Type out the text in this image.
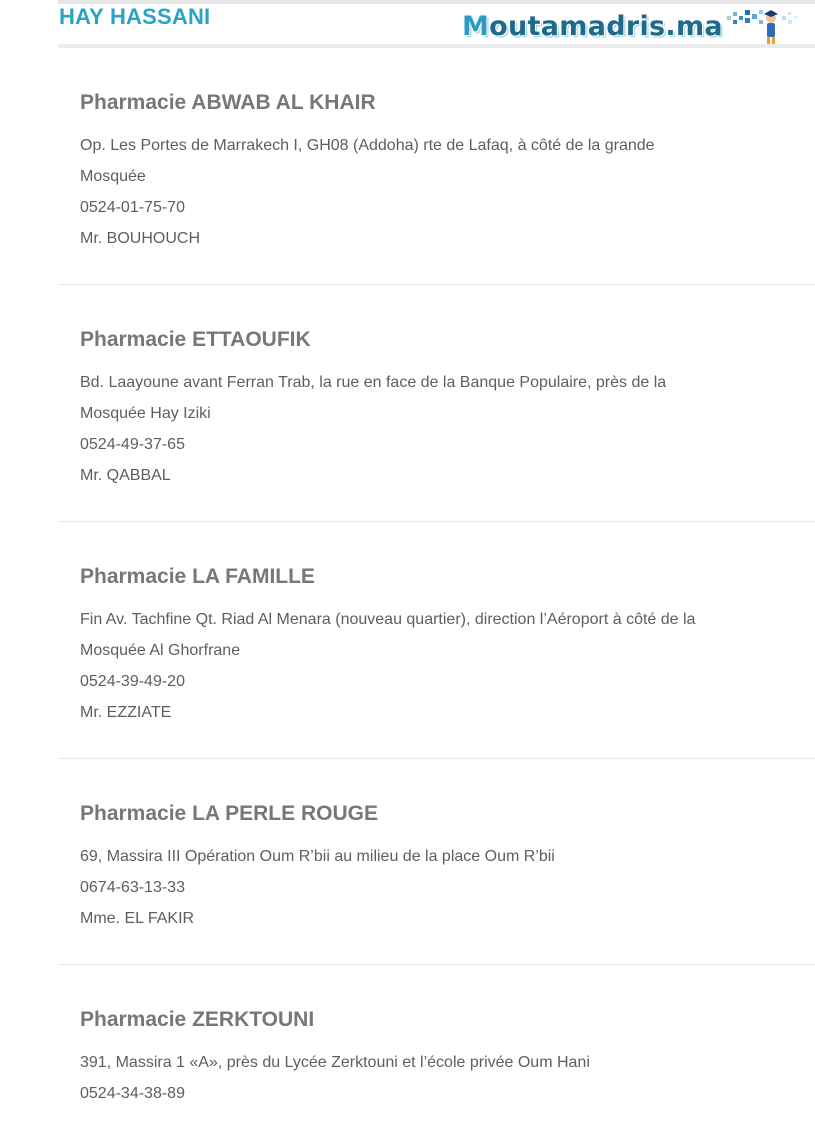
HAY HASSANI	Moutamadris.ma
Pharmacie ABWAB AL KHAIR

Op. Les Portes de Marrakech I, GH08 (Addoha) rte de Lafaq, à côté de la grande Mosquée

0524-01-75-70

Mr. BOUHOUCH

Pharmacie ETTAOUFIK

Bd. Laayoune avant Ferran Trab, la rue en face de la Banque Populaire, près de la Mosquée Hay Iziki

0524-49-37-65

Mr. QABBAL

Pharmacie LA FAMILLE

Fin Av. Tachfine Qt. Riad Al Menara (nouveau quartier), direction l’Aéroport à côté de la Mosquée Al Ghorfrane

0524-39-49-20

Mr. EZZIATE

Pharmacie LA PERLE ROUGE

69, Massira III Opération Oum R’bii au milieu de la place Oum R’bii

0674-63-13-33

Mme. EL FAKIR

Pharmacie ZERKTOUNI

391, Massira 1 «A», près du Lycée Zerktouni et l’école privée Oum Hani

0524-34-38-89
